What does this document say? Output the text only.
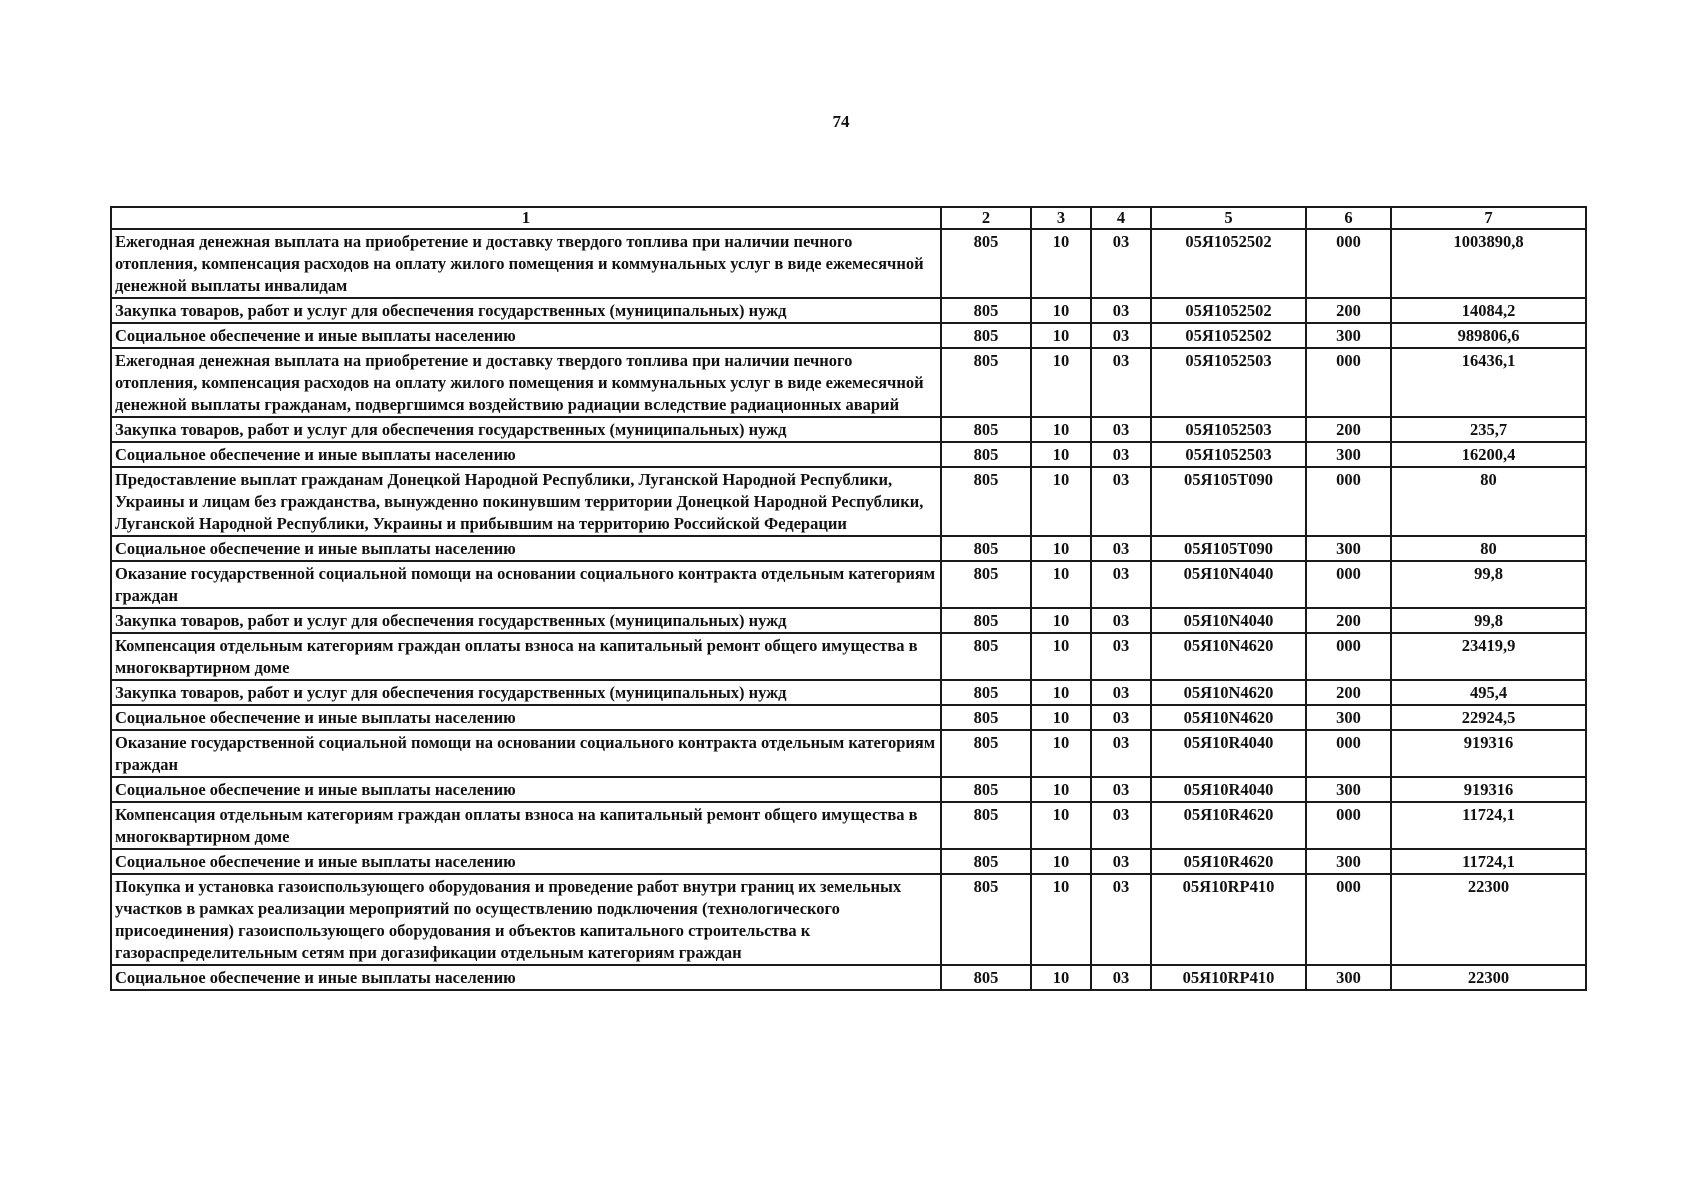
74
1	2	3	4	5	6	7
Ежегодная денежная выплата на приобретение и доставку твердого топлива при наличии печного отопления, компенсация расходов на оплату жилого помещения и коммунальных услуг в виде ежемесячной денежной выплаты инвалидам	805	10	03	05Я1052502	000	1003890,8
Закупка товаров, работ и услуг для обеспечения государственных (муниципальных) нужд	805	10	03	05Я1052502	200	14084,2
Социальное обеспечение и иные выплаты населению	805	10	03	05Я1052502	300	989806,6
Ежегодная денежная выплата на приобретение и доставку твердого топлива при наличии печного отопления, компенсация расходов на оплату жилого помещения и коммунальных услуг в виде ежемесячной денежной выплаты гражданам, подвергшимся воздействию радиации вследствие радиационных аварий	805	10	03	05Я1052503	000	16436,1
Закупка товаров, работ и услуг для обеспечения государственных (муниципальных) нужд	805	10	03	05Я1052503	200	235,7
Социальное обеспечение и иные выплаты населению	805	10	03	05Я1052503	300	16200,4
Предоставление выплат гражданам Донецкой Народной Республики, Луганской Народной Республики, Украины и лицам без гражданства, вынужденно покинувшим территории Донецкой Народной Республики, Луганской Народной Республики, Украины и прибывшим на территорию Российской Федерации	805	10	03	05Я105Т090	000	80
Социальное обеспечение и иные выплаты населению	805	10	03	05Я105Т090	300	80
Оказание государственной социальной помощи на основании социального контракта отдельным категориям граждан	805	10	03	05Я10N4040	000	99,8
Закупка товаров, работ и услуг для обеспечения государственных (муниципальных) нужд	805	10	03	05Я10N4040	200	99,8
Компенсация отдельным категориям граждан оплаты взноса на капитальный ремонт общего имущества в многоквартирном доме	805	10	03	05Я10N4620	000	23419,9
Закупка товаров, работ и услуг для обеспечения государственных (муниципальных) нужд	805	10	03	05Я10N4620	200	495,4
Социальное обеспечение и иные выплаты населению	805	10	03	05Я10N4620	300	22924,5
Оказание государственной социальной помощи на основании социального контракта отдельным категориям граждан	805	10	03	05Я10R4040	000	919316
Социальное обеспечение и иные выплаты населению	805	10	03	05Я10R4040	300	919316
Компенсация отдельным категориям граждан оплаты взноса на капитальный ремонт общего имущества в многоквартирном доме	805	10	03	05Я10R4620	000	11724,1
Социальное обеспечение и иные выплаты населению	805	10	03	05Я10R4620	300	11724,1
Покупка и установка газоиспользующего оборудования и проведение работ внутри границ их земельных участков в рамках реализации мероприятий по осуществлению подключения (технологического присоединения) газоиспользующего оборудования и объектов капитального строительства к газораспределительным сетям при догазификации отдельным категориям граждан	805	10	03	05Я10RP410	000	22300
Социальное обеспечение и иные выплаты населению	805	10	03	05Я10RP410	300	22300
